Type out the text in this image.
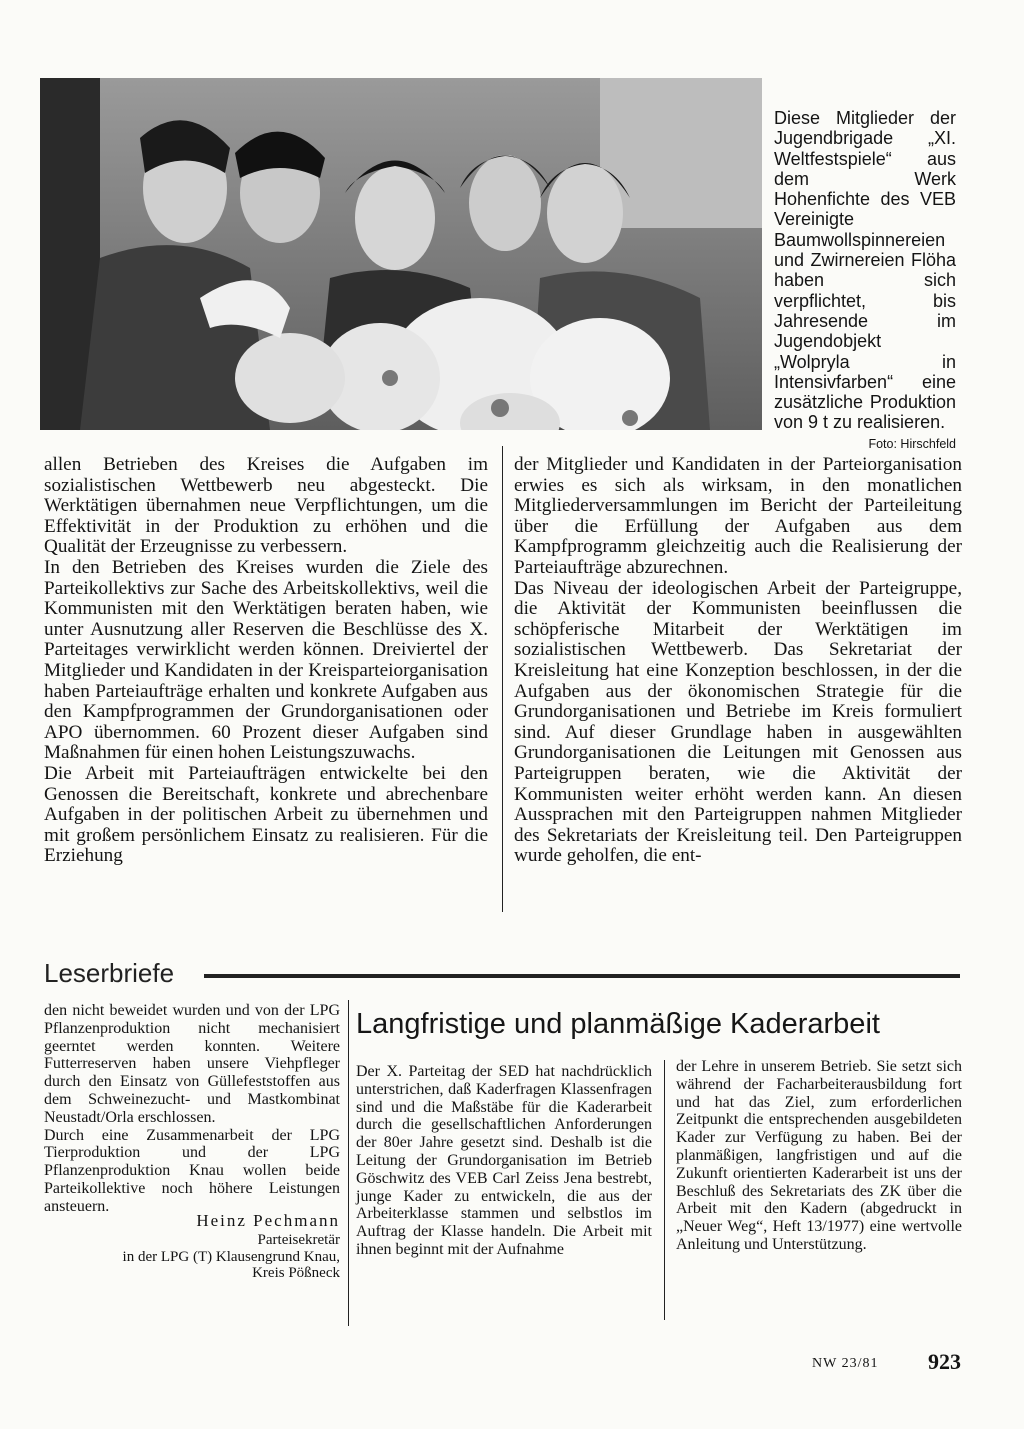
Diese Mitglieder der Jugendbrigade „XI. Weltfestspiele“ aus dem Werk Hohenfichte des VEB Vereinigte Baumwollspinnereien und Zwirnereien Flöha haben sich verpflichtet, bis Jahresende im Jugendobjekt „Wolpryla in Intensivfarben“ eine zusätzliche Produktion von 9 t zu realisieren.
Foto: Hirschfeld

allen Betrieben des Kreises die Aufgaben im sozialistischen Wettbewerb neu abgesteckt. Die Werktätigen übernahmen neue Verpflichtungen, um die Effektivität in der Produktion zu erhöhen und die Qualität der Erzeugnisse zu verbessern.

In den Betrieben des Kreises wurden die Ziele des Parteikollektivs zur Sache des Arbeitskollektivs, weil die Kommunisten mit den Werktätigen beraten haben, wie unter Ausnutzung aller Reserven die Beschlüsse des X. Parteitages verwirklicht werden können. Dreiviertel der Mitglieder und Kandidaten in der Kreisparteiorganisation haben Parteiaufträge erhalten und konkrete Aufgaben aus den Kampfprogrammen der Grundorganisationen oder APO übernommen. 60 Prozent dieser Aufgaben sind Maßnahmen für einen hohen Leistungszuwachs.

Die Arbeit mit Parteiaufträgen entwickelte bei den Genossen die Bereitschaft, konkrete und abrechenbare Aufgaben in der politischen Arbeit zu übernehmen und mit großem persönlichem Einsatz zu realisieren. Für die Erziehung

der Mitglieder und Kandidaten in der Parteiorganisation erwies es sich als wirksam, in den monatlichen Mitgliederversammlungen im Bericht der Parteileitung über die Erfüllung der Aufgaben aus dem Kampfprogramm gleichzeitig auch die Realisierung der Parteiaufträge abzurechnen.

Das Niveau der ideologischen Arbeit der Parteigruppe, die Aktivität der Kommunisten beeinflussen die schöpferische Mitarbeit der Werktätigen im sozialistischen Wettbewerb. Das Sekretariat der Kreisleitung hat eine Konzeption beschlossen, in der die Aufgaben aus der ökonomischen Strategie für die Grundorganisationen und Betriebe im Kreis formuliert sind. Auf dieser Grundlage haben in ausgewählten Grundorganisationen die Leitungen mit Genossen aus Parteigruppen beraten, wie die Aktivität der Kommunisten weiter erhöht werden kann. An diesen Aussprachen mit den Parteigruppen nahmen Mitglieder des Sekretariats der Kreisleitung teil. Den Parteigruppen wurde geholfen, die ent-

Leserbriefe

den nicht beweidet wurden und von der LPG Pflanzenproduktion nicht mechanisiert geerntet werden konnten. Weitere Futterreserven haben unsere Viehpfleger durch den Einsatz von Güllefeststoffen aus dem Schweinezucht- und Mastkombinat Neustadt/Orla erschlossen.

Durch eine Zusammenarbeit der LPG Tierproduktion und der LPG Pflanzenproduktion Knau wollen beide Parteikollektive noch höhere Leistungen ansteuern.

Heinz Pechmann
Parteisekretär
in der LPG (T) Klausengrund Knau,
Kreis Pößneck
Langfristige und planmäßige Kaderarbeit
Der X. Parteitag der SED hat nachdrücklich unterstrichen, daß Kaderfragen Klassenfragen sind und die Maßstäbe für die Kaderarbeit durch die gesellschaftlichen Anforderungen der 80er Jahre gesetzt sind. Deshalb ist die Leitung der Grundorganisation im Betrieb Göschwitz des VEB Carl Zeiss Jena bestrebt, junge Kader zu entwickeln, die aus der Arbeiterklasse stammen und selbstlos im Auftrag der Klasse handeln. Die Arbeit mit ihnen beginnt mit der Aufnahme
der Lehre in unserem Betrieb. Sie setzt sich während der Facharbeiterausbildung fort und hat das Ziel, zum erforderlichen Zeitpunkt die entsprechenden ausgebildeten Kader zur Verfügung zu haben. Bei der planmäßigen, langfristigen und auf die Zukunft orientierten Kaderarbeit ist uns der Beschluß des Sekretariats des ZK über die Arbeit mit den Kadern (abgedruckt in „Neuer Weg“, Heft 13/1977) eine wertvolle Anleitung und Unterstützung.
NW 23/81 923
